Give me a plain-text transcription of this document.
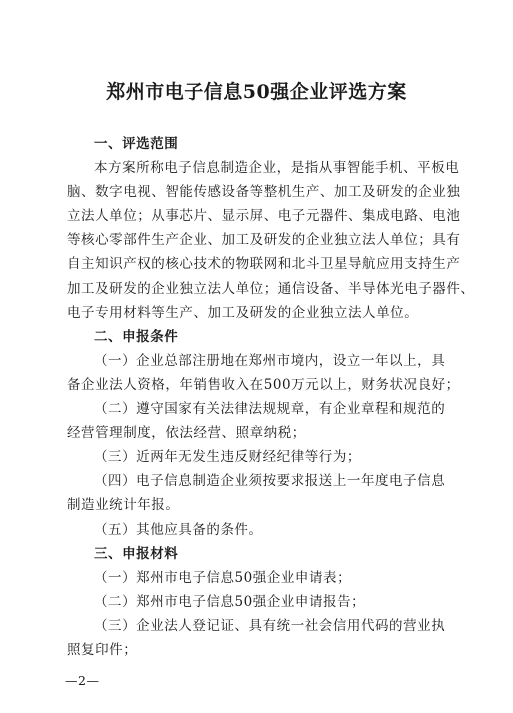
郑州市电子信息50强企业评选方案
一、评选范围
本方案所称电子信息制造企业，是指从事智能手机、平板电
脑、数字电视、智能传感设备等整机生产、加工及研发的企业独
立法人单位；从事芯片、显示屏、电子元器件、集成电路、电池
等核心零部件生产企业、加工及研发的企业独立法人单位；具有
自主知识产权的核心技术的物联网和北斗卫星导航应用支持生产
加工及研发的企业独立法人单位；通信设备、半导体光电子器件、
电子专用材料等生产、加工及研发的企业独立法人单位。
二、申报条件
（一）企业总部注册地在郑州市境内，设立一年以上，具
备企业法人资格，年销售收入在500万元以上，财务状况良好；
（二）遵守国家有关法律法规规章，有企业章程和规范的
经营管理制度，依法经营、照章纳税；
（三）近两年无发生违反财经纪律等行为；
（四）电子信息制造企业须按要求报送上一年度电子信息
制造业统计年报。
（五）其他应具备的条件。
三、申报材料
（一）郑州市电子信息50强企业申请表；
（二）郑州市电子信息50强企业申请报告；
（三）企业法人登记证、具有统一社会信用代码的营业执
照复印件；
—2—
